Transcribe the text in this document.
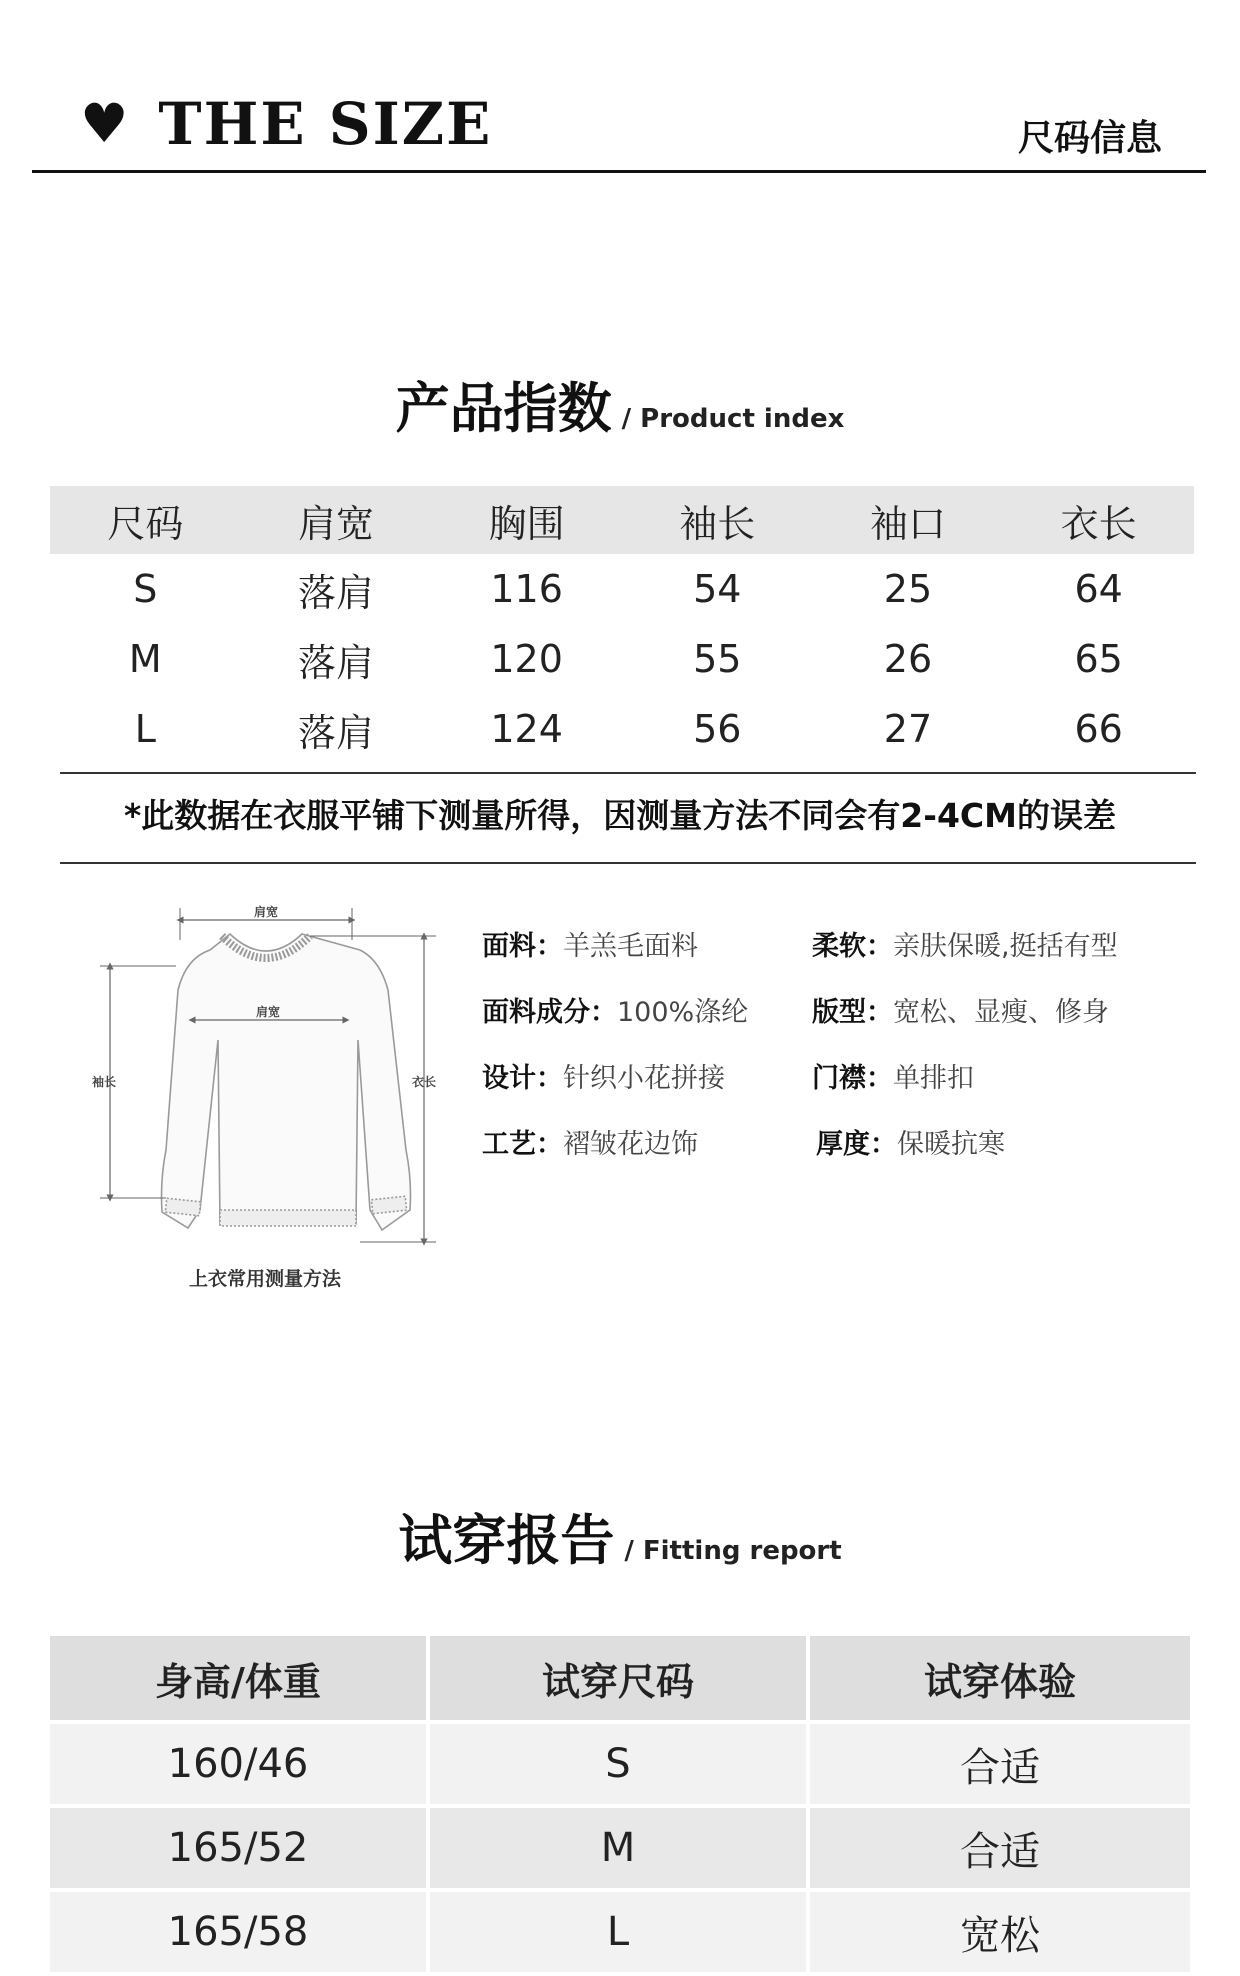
♥ THE SIZE	尺码信息
产品指数 / Product index
尺码	肩宽	胸围	袖长	袖口	衣长
S	落肩	116	54	25	64
M	落肩	120	55	26	65
L	落肩	124	56	27	66
*此数据在衣服平铺下测量所得，因测量方法不同会有2-4CM的误差
肩宽
肩宽
袖长	衣长
上衣常用测量方法
面料：羊羔毛面料	柔软：亲肤保暖,挺括有型
面料成分：100%涤纶 版型：宽松、显瘦、修身
设计：针织小花拼接	门襟：单排扣
工艺：褶皱花边饰	厚度：保暖抗寒
试穿报告 / Fitting report
身高/体重	试穿尺码	试穿体验
160/46	S	合适
165/52	M	合适
165/58	L	宽松
